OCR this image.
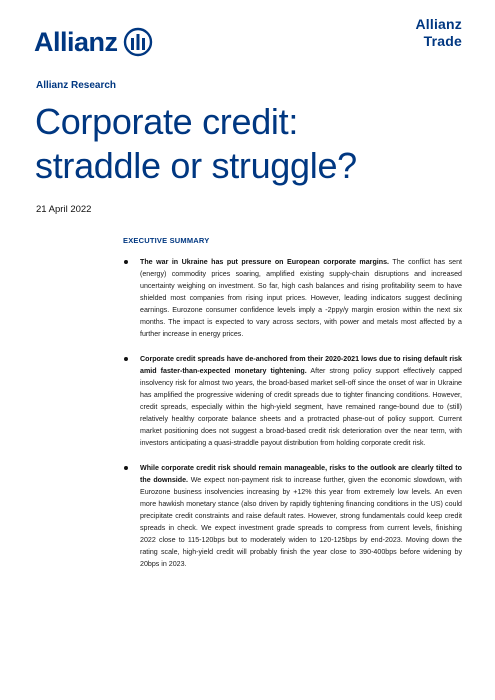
Allianz
Allianz
Trade
Allianz Research
Corporate credit:
straddle or struggle?
21 April 2022
EXECUTIVE SUMMARY
The war in Ukraine has put pressure on European corporate margins. The conflict has sent (energy) commodity prices soaring, amplified existing supply-chain disruptions and increased uncertainty weighing on investment. So far, high cash balances and rising profitability seem to have shielded most companies from rising input prices. However, leading indicators suggest declining earnings. Eurozone consumer confidence levels imply a -2ppy/y margin erosion within the next six months. The impact is expected to vary across sectors, with power and metals most affected by a further increase in energy prices.
Corporate credit spreads have de-anchored from their 2020-2021 lows due to rising default risk amid faster-than-expected monetary tightening. After strong policy support effectively capped insolvency risk for almost two years, the broad-based market sell-off since the onset of war in Ukraine has amplified the progressive widening of credit spreads due to tighter financing conditions. However, credit spreads, especially within the high-yield segment, have remained range-bound due to (still) relatively healthy corporate balance sheets and a protracted phase-out of policy support. Current market positioning does not suggest a broad-based credit risk deterioration over the near term, with investors anticipating a quasi-straddle payout distribution from holding corporate credit risk.
While corporate credit risk should remain manageable, risks to the outlook are clearly tilted to the downside. We expect non-payment risk to increase further, given the economic slowdown, with Eurozone business insolvencies increasing by +12% this year from extremely low levels. An even more hawkish monetary stance (also driven by rapidly tightening financing conditions in the US) could precipitate credit constraints and raise default rates. However, strong fundamentals could keep credit spreads in check. We expect investment grade spreads to compress from current levels, finishing 2022 close to 115-120bps but to moderately widen to 120-125bps by end-2023. Moving down the rating scale, high-yield credit will probably finish the year close to 390-400bps before widening by 20bps in 2023.
